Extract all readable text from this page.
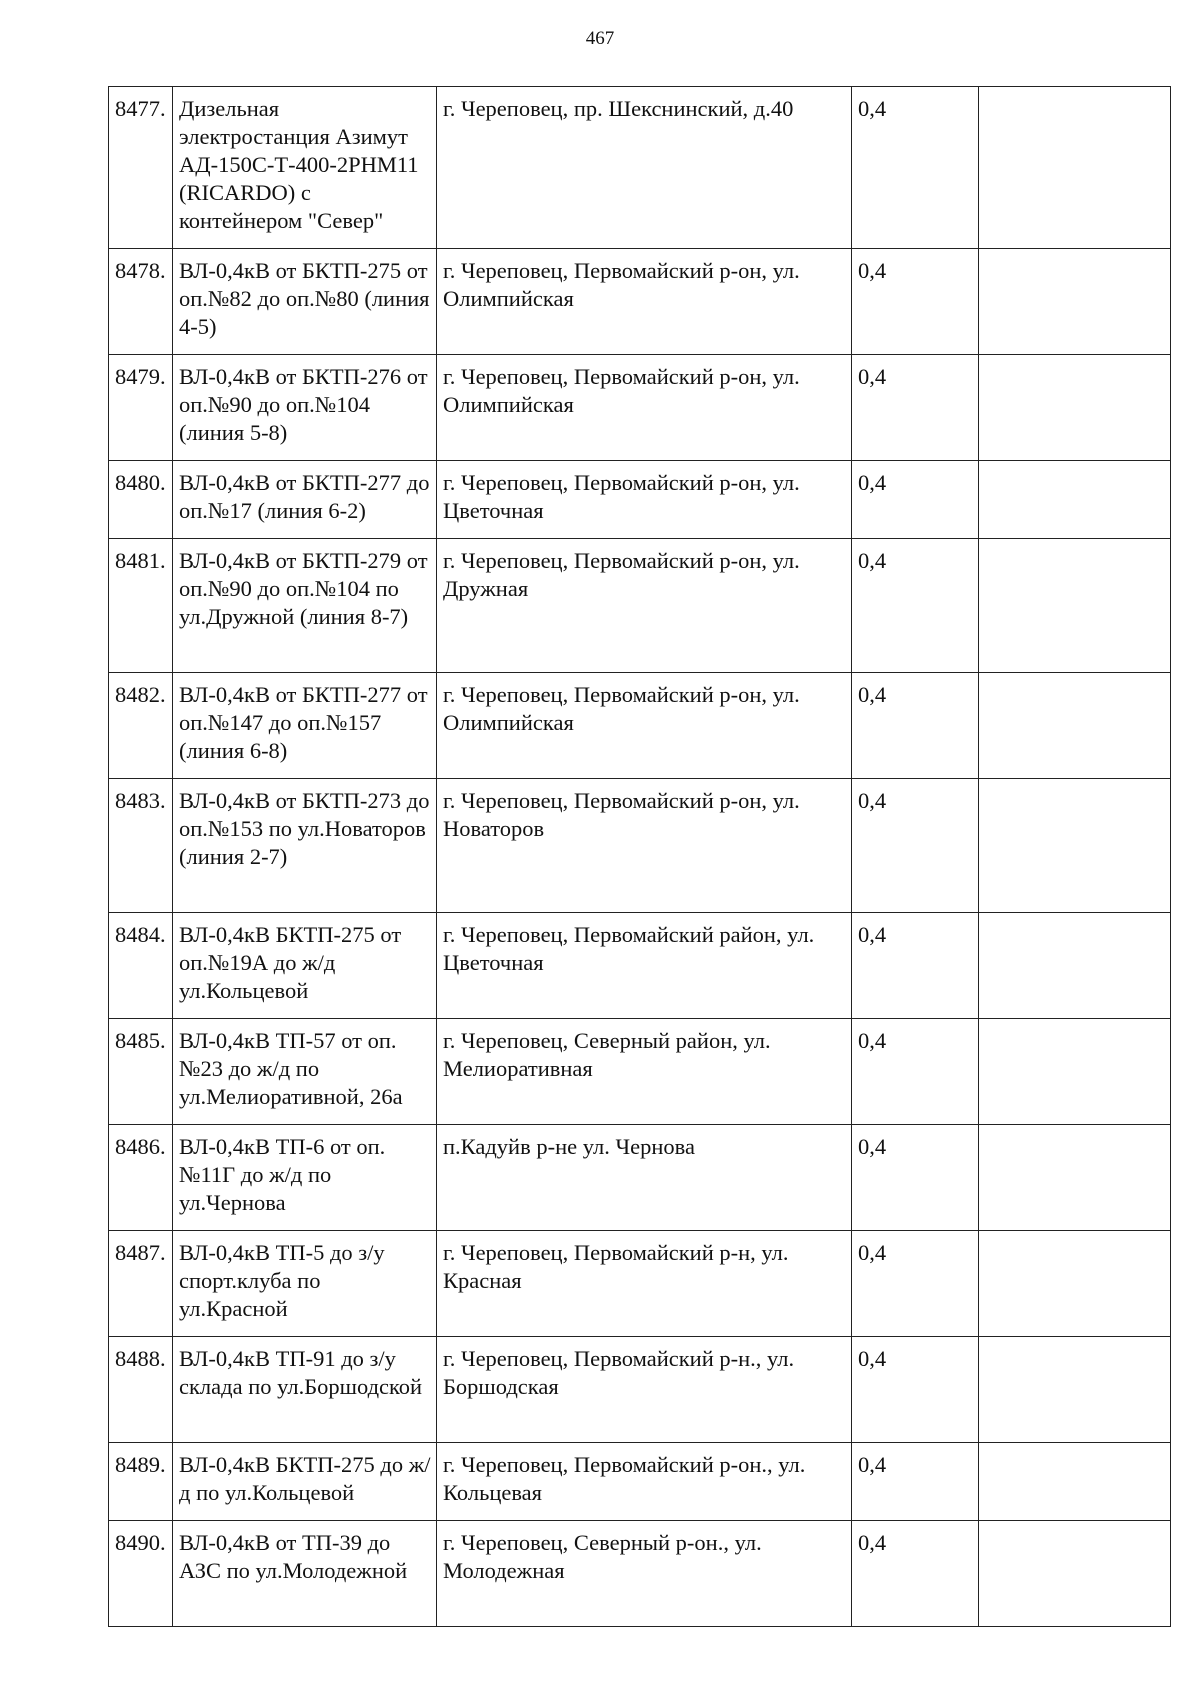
467
8477.	Дизельная электростанция Азимут АД-150С-Т-400-2РНМ11 (RICARDO) с контейнером "Север"	г. Череповец, пр. Шекснинский, д.40	0,4	
8478.	ВЛ-0,4кВ от БКТП-275 от оп.№82 до оп.№80 (линия 4-5)	г. Череповец, Первомайский р-он, ул. Олимпийская	0,4	
8479.	ВЛ-0,4кВ от БКТП-276 от оп.№90 до оп.№104 (линия 5-8)	г. Череповец, Первомайский р-он, ул. Олимпийская	0,4	
8480.	ВЛ-0,4кВ от БКТП-277 до оп.№17 (линия 6-2)	г. Череповец, Первомайский р-он, ул. Цветочная	0,4	
8481.	ВЛ-0,4кВ от БКТП-279 от оп.№90 до оп.№104 по ул.Дружной (линия 8-7)	г. Череповец, Первомайский р-он, ул. Дружная	0,4	
8482.	ВЛ-0,4кВ от БКТП-277 от оп.№147 до оп.№157 (линия 6-8)	г. Череповец, Первомайский р-он, ул. Олимпийская	0,4	
8483.	ВЛ-0,4кВ от БКТП-273 до оп.№153 по ул.Новаторов (линия 2-7)	г. Череповец, Первомайский р-он, ул. Новаторов	0,4	
8484.	ВЛ-0,4кВ БКТП-275 от оп.№19А до ж/д ул.Кольцевой	г. Череповец, Первомайский район, ул. Цветочная	0,4	
8485.	ВЛ-0,4кВ ТП-57 от оп.№23 до ж/д по ул.Мелиоративной, 26а	г. Череповец, Северный район, ул. Мелиоративная	0,4	
8486.	ВЛ-0,4кВ ТП-6 от оп.№11Г до ж/д по ул.Чернова	п.Кадуйв р-не ул. Чернова	0,4	
8487.	ВЛ-0,4кВ ТП-5 до з/у спорт.клуба по ул.Красной	г. Череповец, Первомайский р-н, ул. Красная	0,4	
8488.	ВЛ-0,4кВ ТП-91 до з/у склада по ул.Боршодской	г. Череповец, Первомайский р-н., ул. Боршодская	0,4	
8489.	ВЛ-0,4кВ БКТП-275 до ж/д по ул.Кольцевой	г. Череповец, Первомайский р-он., ул. Кольцевая	0,4	
8490.	ВЛ-0,4кВ от ТП-39 до АЗС по ул.Молодежной	г. Череповец, Северный р-он., ул. Молодежная	0,4	
